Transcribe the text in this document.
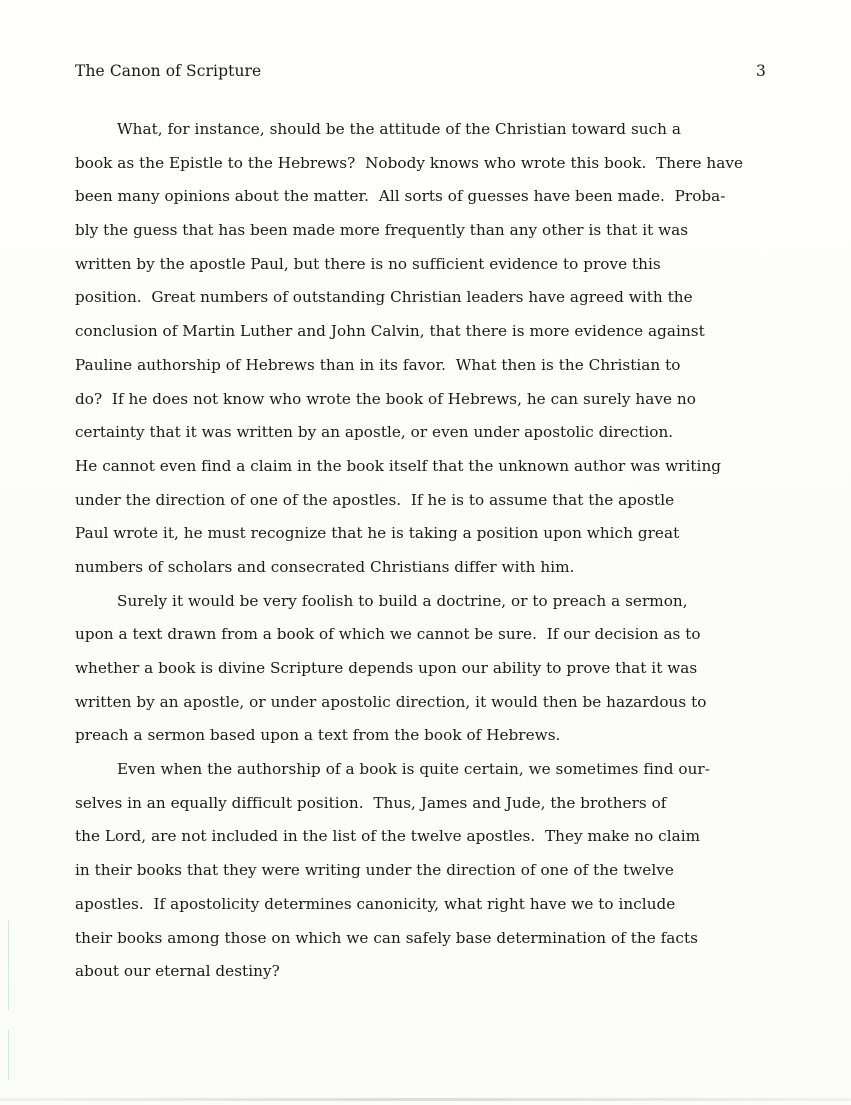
The Canon of Scripture	3
What, for instance, should be the attitude of the Christian toward such a
book as the Epistle to the Hebrews?  Nobody knows who wrote this book.  There have
been many opinions about the matter.  All sorts of guesses have been made.  Proba-
bly the guess that has been made more frequently than any other is that it was
written by the apostle Paul, but there is no sufficient evidence to prove this
position.  Great numbers of outstanding Christian leaders have agreed with the
conclusion of Martin Luther and John Calvin, that there is more evidence against
Pauline authorship of Hebrews than in its favor.  What then is the Christian to
do?  If he does not know who wrote the book of Hebrews, he can surely have no
certainty that it was written by an apostle, or even under apostolic direction.
He cannot even find a claim in the book itself that the unknown author was writing
under the direction of one of the apostles.  If he is to assume that the apostle
Paul wrote it, he must recognize that he is taking a position upon which great
numbers of scholars and consecrated Christians differ with him.
Surely it would be very foolish to build a doctrine, or to preach a sermon,
upon a text drawn from a book of which we cannot be sure.  If our decision as to
whether a book is divine Scripture depends upon our ability to prove that it was
written by an apostle, or under apostolic direction, it would then be hazardous to
preach a sermon based upon a text from the book of Hebrews.
Even when the authorship of a book is quite certain, we sometimes find our-
selves in an equally difficult position.  Thus, James and Jude, the brothers of
the Lord, are not included in the list of the twelve apostles.  They make no claim
in their books that they were writing under the direction of one of the twelve
apostles.  If apostolicity determines canonicity, what right have we to include
their books among those on which we can safely base determination of the facts
about our eternal destiny?
